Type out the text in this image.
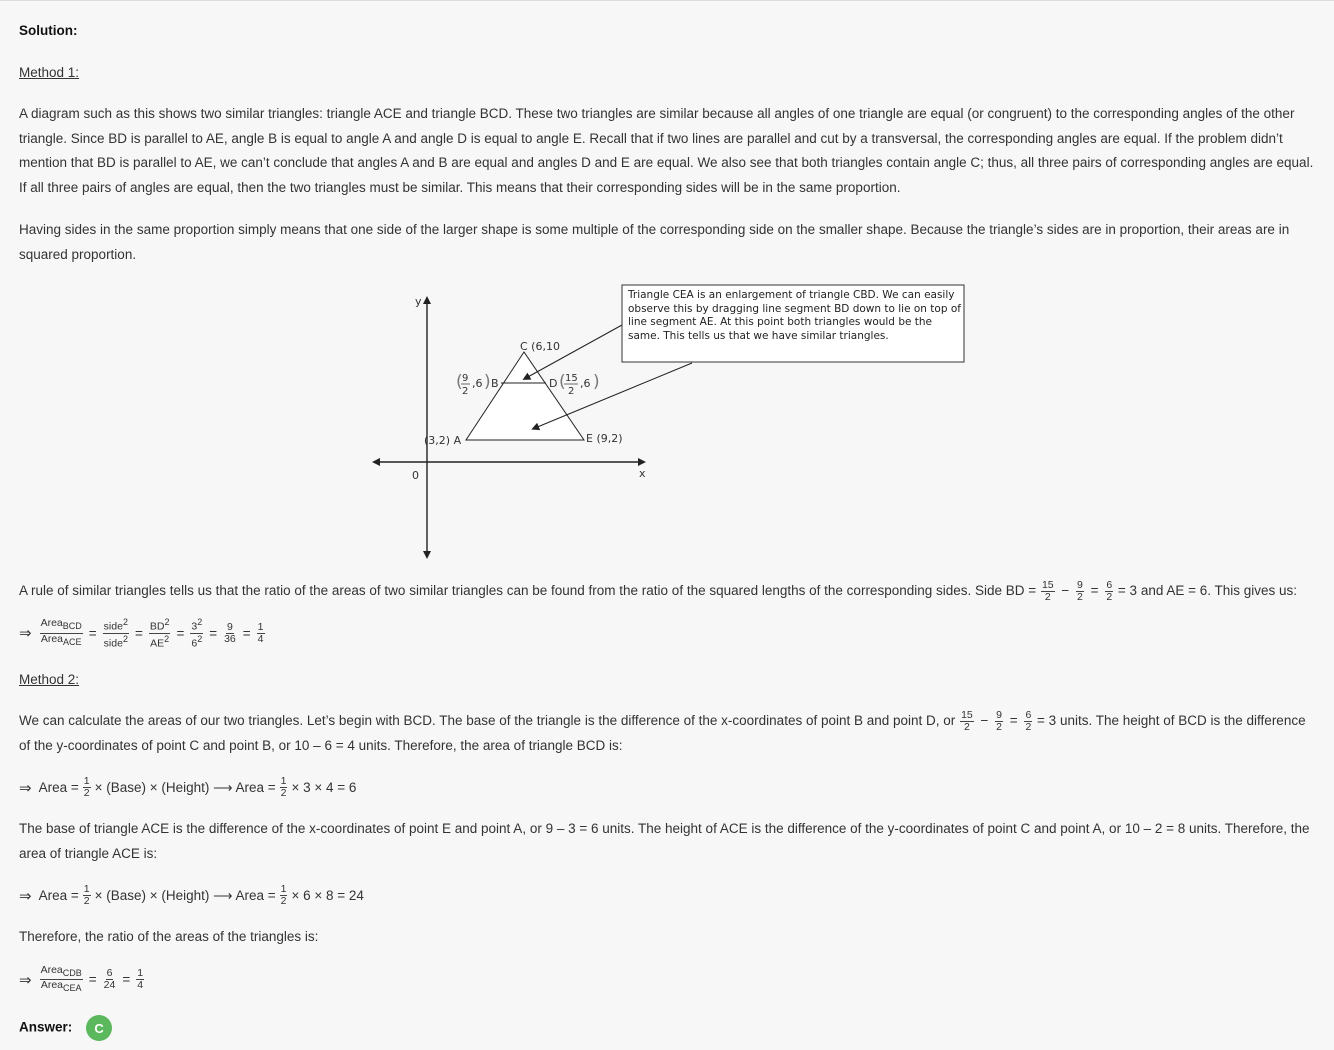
Solution:

Method 1:

A diagram such as this shows two similar triangles: triangle ACE and triangle BCD. These two triangles are similar because all angles of one triangle are equal (or congruent) to the corresponding angles of the other triangle. Since BD is parallel to AE, angle B is equal to angle A and angle D is equal to angle E. Recall that if two lines are parallel and cut by a transversal, the corresponding angles are equal. If the problem didn’t mention that BD is parallel to AE, we can’t conclude that angles A and B are equal and angles D and E are equal. We also see that both triangles contain angle C; thus, all three pairs of corresponding angles are equal. If all three pairs of angles are equal, then the two triangles must be similar. This means that their corresponding sides will be in the same proportion.

Having sides in the same proportion simply means that one side of the larger shape is some multiple of the corresponding side on the smaller shape. Because the triangle’s sides are in proportion, their areas are in squared proportion.

y
x
0
C (6,10
B	D
(3,2) A	E (9,2)
( 9
2
,6 )	( 15
2
,6 )
Triangle CEA is an enlargement of triangle CBD. We can easily observe this by dragging line segment BD down to lie on top of line segment AE. At this point both triangles would be the same. This tells us that we have similar triangles.
A rule of similar triangles tells us that the ratio of the areas of two similar triangles can be found from the ratio of the squared lengths of the corresponding sides. Side BD = $\frac{15}{2} - \frac{9}{2} = \frac{6}{2} = 3$ and AE = 6. This gives us:
⇒ $\frac{Area_{BCD}}{Area_{ACE}} = \frac{side^2}{side^2} = \frac{BD^2}{AE^2} = \frac{3^2}{6^2} = \frac{9}{36} = \frac{1}{4}$

Method 2:

We can calculate the areas of our two triangles. Let’s begin with BCD. The base of the triangle is the difference of the x-coordinates of point B and point D, or $\frac{15}{2} - \frac{9}{2} = \frac{6}{2} = 3$ units. The height of BCD is the difference of the y-coordinates of point C and point B, or 10 – 6 = 4 units. Therefore, the area of triangle BCD is:
⇒ Area = $\frac{1}{2}$ × (Base) × (Height) ⟶ Area = $\frac{1}{2} \times 3 \times 4 = 6$

The base of triangle ACE is the difference of the x-coordinates of point E and point A, or 9 – 3 = 6 units. The height of ACE is the difference of the y-coordinates of point C and point A, or 10 – 2 = 8 units. Therefore, the area of triangle ACE is:

⇒ Area = $\frac{1}{2}$ × (Base) × (Height) ⟶ Area = $\frac{1}{2} \times 6 \times 8 = 24$

Therefore, the ratio of the areas of the triangles is:

⇒ $\frac{Area_{CDB}}{Area_{CEA}} = \frac{6}{24} = \frac{1}{4}$
Answer: C
